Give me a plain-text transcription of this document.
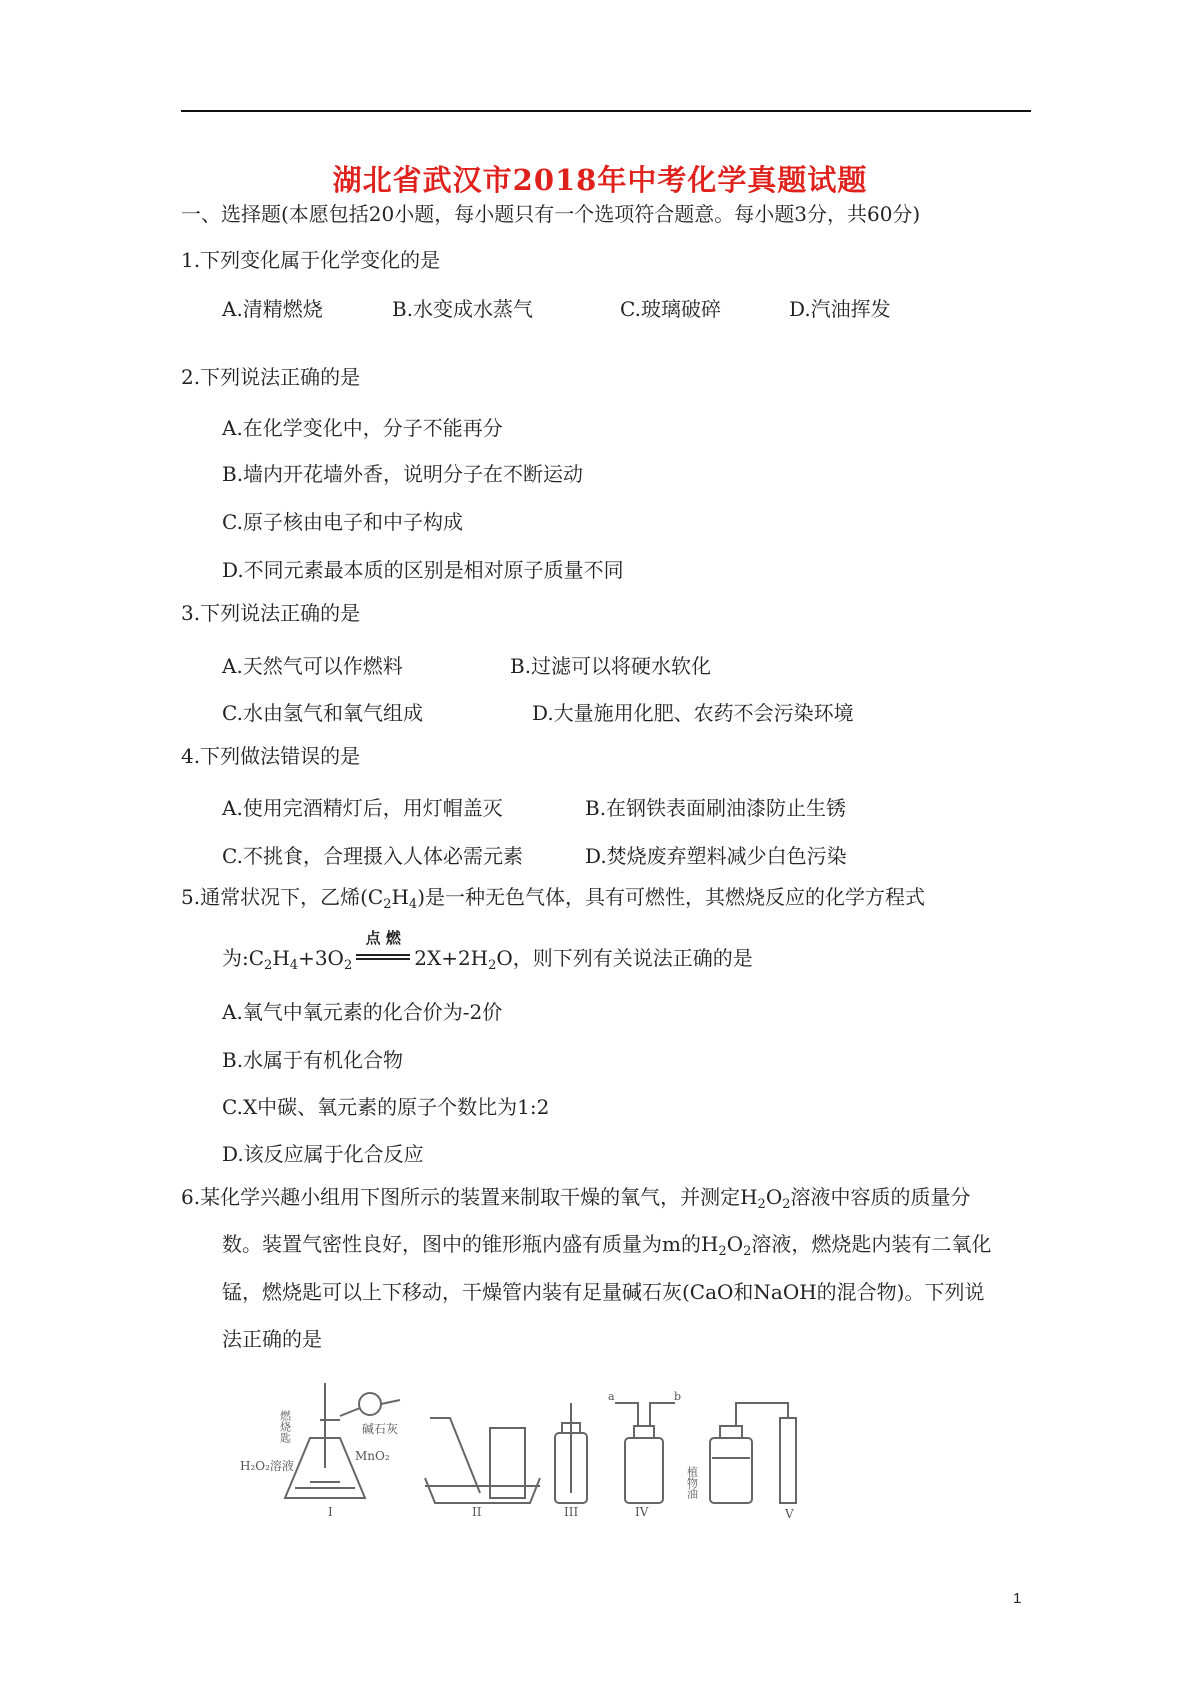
湖北省武汉市2018年中考化学真题试题
一、选择题(本愿包括20小题，每小题只有一个选项符合题意。每小题3分，共60分)
1.下列变化属于化学变化的是
A.清精燃烧	B.水变成水蒸气	C.玻璃破碎	D.汽油挥发
2.下列说法正确的是
A.在化学变化中，分子不能再分
B.墙内开花墙外香，说明分子在不断运动
C.原子核由电子和中子构成
D.不同元素最本质的区别是相对原子质量不同
3.下列说法正确的是
A.天然气可以作燃料	B.过滤可以将硬水软化
C.水由氢气和氧气组成	D.大量施用化肥、农药不会污染环境
4.下列做法错误的是
A.使用完酒精灯后，用灯帽盖灭	B.在钢铁表面刷油漆防止生锈
C.不挑食，合理摄入人体必需元素	D.焚烧废弃塑料减少白色污染
5.通常状况下，乙烯$(C_2H_4)$是一种无色气体，具有可燃性，其燃烧反应的化学方程式
为$:C_2H_4+3O_2$
点 燃
$2X+2H_2O$，则下列有关说法正确的是
A.氧气中氧元素的化合价为-2价
B.水属于有机化合物
C.X中碳、氧元素的原子个数比为1:2
D.该反应属于化合反应
6.某化学兴趣小组用下图所示的装置来制取干燥的氧气，并测定$H_2O_2$溶液中容质的质量分
数。装置气密性良好，图中的锥形瓶内盛有质量为m的$H_2O_2$溶液，燃烧匙内装有二氧化
锰，燃烧匙可以上下移动，干燥管内装有足量碱石灰(CaO和NaOH的混合物)。下列说
法正确的是
燃烧匙	碱石灰
MnO₂
H₂O₂溶液
I	II	III
a	b
IV
植物油
V
1
